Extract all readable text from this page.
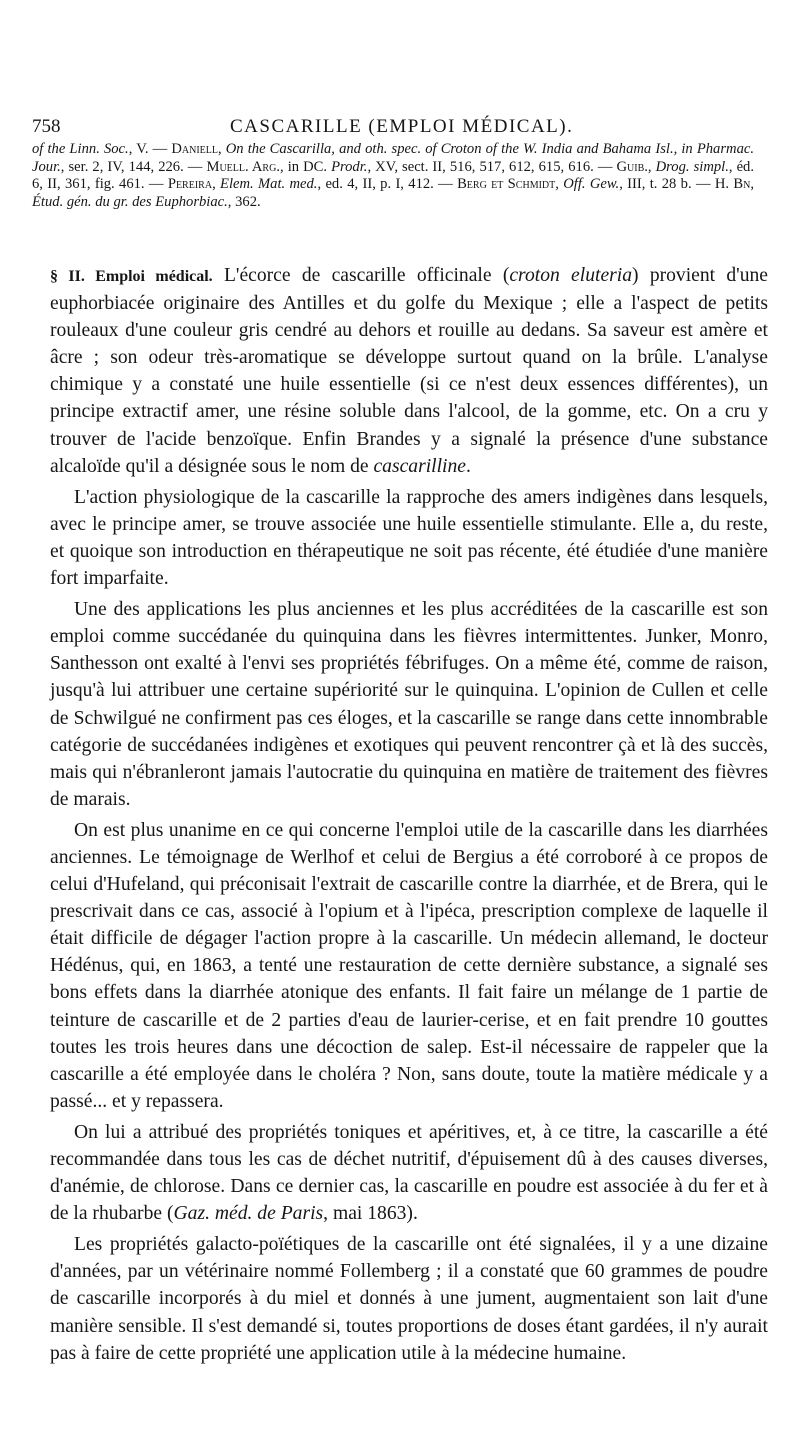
758	CASCARILLE (EMPLOI MÉDICAL).

of the Linn. Soc., V. — Daniell, On the Cascarilla, and oth. spec. of Croton of the W. India and Bahama Isl., in Pharmac. Jour., ser. 2, IV, 144, 226. — Muell. Arg., in DC. Prodr., XV, sect. II, 516, 517, 612, 615, 616. — Guib., Drog. simpl., éd. 6, II, 361, fig. 461. — Pereira, Elem. Mat. med., ed. 4, II, p. I, 412. — Berg et Schmidt, Off. Gew., III, t. 28 b. — H. Bn, Étud. gén. du gr. des Euphorbiac., 362.

§ II. Emploi médical. L'écorce de cascarille officinale (croton eluteria) provient d'une euphorbiacée originaire des Antilles et du golfe du Mexique ; elle a l'aspect de petits rouleaux d'une couleur gris cendré au dehors et rouille au dedans. Sa saveur est amère et âcre ; son odeur très-aromatique se développe surtout quand on la brûle. L'analyse chimique y a constaté une huile essentielle (si ce n'est deux essences différentes), un principe extractif amer, une résine soluble dans l'alcool, de la gomme, etc. On a cru y trouver de l'acide benzoïque. Enfin Brandes y a signalé la présence d'une substance alcaloïde qu'il a désignée sous le nom de cascarilline.

L'action physiologique de la cascarille la rapproche des amers indigènes dans lesquels, avec le principe amer, se trouve associée une huile essentielle stimulante. Elle a, du reste, et quoique son introduction en thérapeutique ne soit pas récente, été étudiée d'une manière fort imparfaite.

Une des applications les plus anciennes et les plus accréditées de la cascarille est son emploi comme succédanée du quinquina dans les fièvres intermittentes. Junker, Monro, Santhesson ont exalté à l'envi ses propriétés fébrifuges. On a même été, comme de raison, jusqu'à lui attribuer une certaine supériorité sur le quinquina. L'opinion de Cullen et celle de Schwilgué ne confirment pas ces éloges, et la cascarille se range dans cette innombrable catégorie de succédanées indigènes et exotiques qui peuvent rencontrer çà et là des succès, mais qui n'ébranleront jamais l'autocratie du quinquina en matière de traitement des fièvres de marais.

On est plus unanime en ce qui concerne l'emploi utile de la cascarille dans les diarrhées anciennes. Le témoignage de Werlhof et celui de Bergius a été corroboré à ce propos de celui d'Hufeland, qui préconisait l'extrait de cascarille contre la diarrhée, et de Brera, qui le prescrivait dans ce cas, associé à l'opium et à l'ipéca, prescription complexe de laquelle il était difficile de dégager l'action propre à la cascarille. Un médecin allemand, le docteur Hédénus, qui, en 1863, a tenté une restauration de cette dernière substance, a signalé ses bons effets dans la diarrhée atonique des enfants. Il fait faire un mélange de 1 partie de teinture de cascarille et de 2 parties d'eau de laurier-cerise, et en fait prendre 10 gouttes toutes les trois heures dans une décoction de salep. Est-il nécessaire de rappeler que la cascarille a été employée dans le choléra ? Non, sans doute, toute la matière médicale y a passé... et y repassera.

On lui a attribué des propriétés toniques et apéritives, et, à ce titre, la cascarille a été recommandée dans tous les cas de déchet nutritif, d'épuisement dû à des causes diverses, d'anémie, de chlorose. Dans ce dernier cas, la cascarille en poudre est associée à du fer et à de la rhubarbe (Gaz. méd. de Paris, mai 1863).

Les propriétés galacto-poïétiques de la cascarille ont été signalées, il y a une dizaine d'années, par un vétérinaire nommé Follemberg ; il a constaté que 60 grammes de poudre de cascarille incorporés à du miel et donnés à une jument, augmentaient son lait d'une manière sensible. Il s'est demandé si, toutes proportions de doses étant gardées, il n'y aurait pas à faire de cette propriété une application utile à la médecine humaine.
